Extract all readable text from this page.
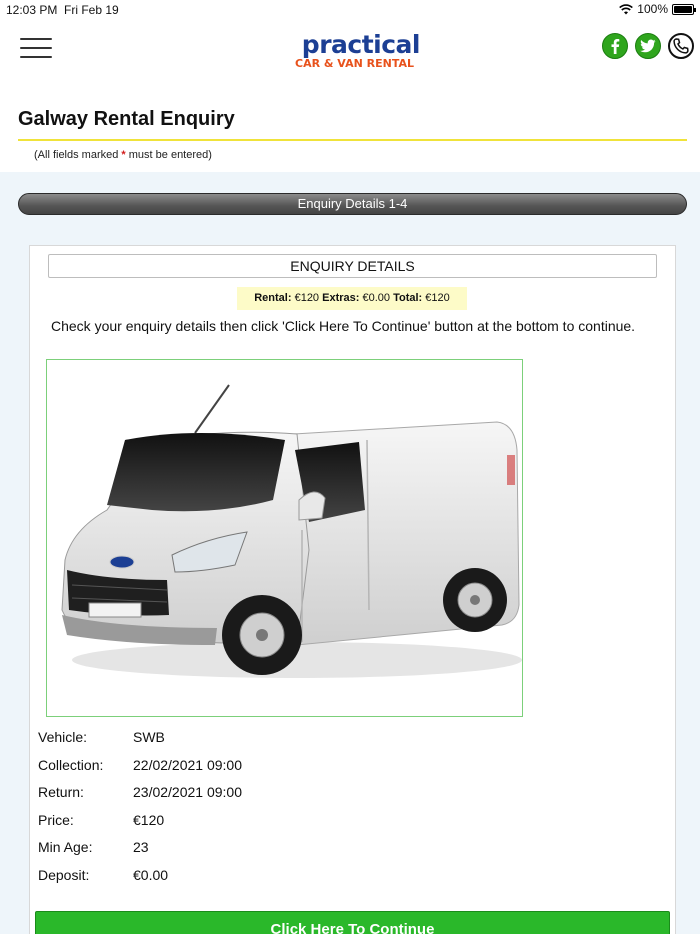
12:03 PM Fri Feb 19	100%
practical
CAR & VAN RENTAL
Galway Rental Enquiry
(All fields marked * must be entered)
Enquiry Details 1-4
ENQUIRY DETAILS
Rental: €120 Extras: €0.00 Total: €120
Check your enquiry details then click 'Click Here To Continue' button at the bottom to continue.
Vehicle:	SWB
Collection:	22/02/2021 09:00
Return:	23/02/2021 09:00
Price:	€120
Min Age:	23
Deposit:	€0.00
Click Here To Continue
